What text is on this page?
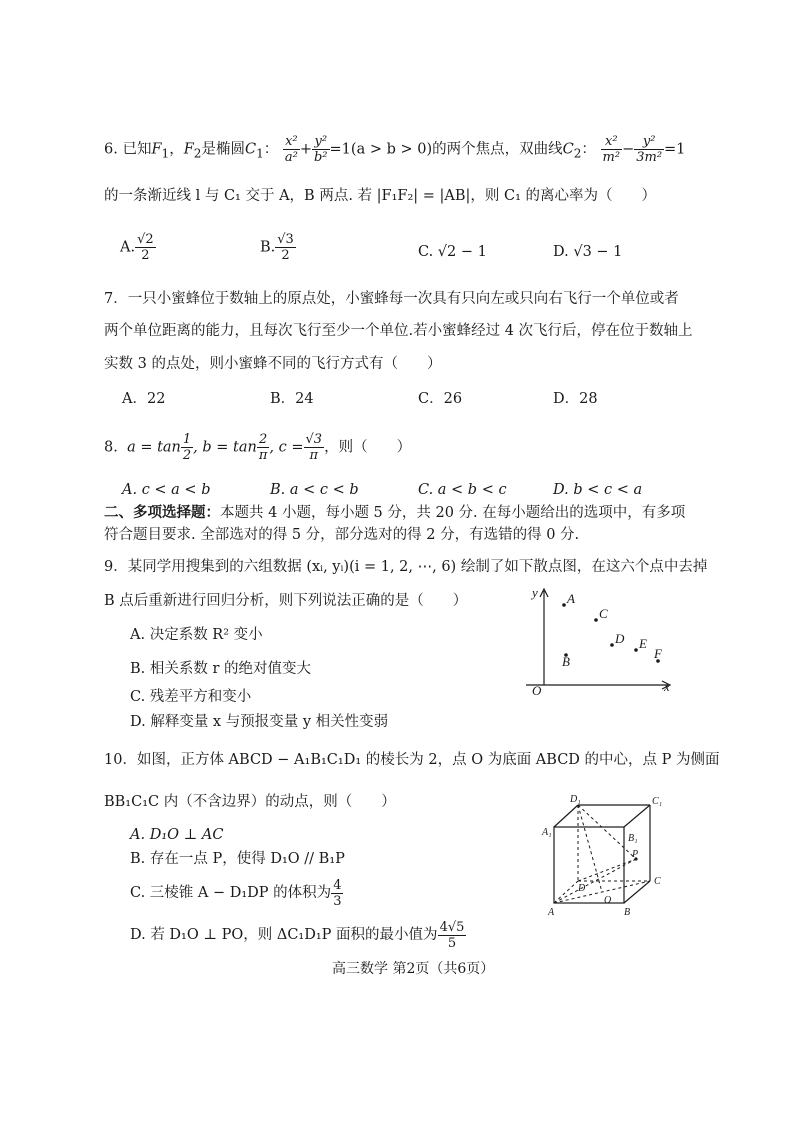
6. 已知$F_1$，$F_2$是椭圆$C_1$： $\frac{\text{x²}}{\text{a²}} + \frac{\text{y²}}{\text{b²}} =1(a > b > 0)$的两个焦点，双曲线$C_2$： $\frac{\text{x²}}{\text{m²}} - \frac{\text{y²}}{\text{3m²}} =1$
的一条渐近线 l 与 C₁ 交于 A，B 两点. 若 |F₁F₂| = |AB|，则 C₁ 的离心率为（　　）
A. $\frac{√2}{2}$	B. $\frac{√3}{2}$	C. √2 − 1	D. √3 − 1
7．一只小蜜蜂位于数轴上的原点处，小蜜蜂每一次具有只向左或只向右飞行一个单位或者
两个单位距离的能力，且每次飞行至少一个单位.若小蜜蜂经过 4 次飞行后，停在位于数轴上
实数 3 的点处，则小蜜蜂不同的飞行方式有（　　）
A．22	B．24	C．26	D．28
8. $a = \tan \frac{1}{2}$ , $b = \tan \frac{2}{\pi}$ , $c = \frac{√3}{\pi}$ ，则（　　）
A. c < a < b	B. a < c < b	C. a < b < c	D. b < c < a
二、多项选择题：本题共 4 小题，每小题 5 分，共 20 分. 在每小题给出的选项中，有多项
符合题目要求. 全部选对的得 5 分，部分选对的得 2 分，有选错的得 0 分.
9．某同学用搜集到的六组数据 (xᵢ, yᵢ)(i = 1, 2, ⋯, 6) 绘制了如下散点图，在这六个点中去掉
B 点后重新进行回归分析，则下列说法正确的是（　　）
A. 决定系数 R² 变小
B. 相关系数 r 的绝对值变大
C. 残差平方和变小
D. 解释变量 x 与预报变量 y 相关性变弱
y
x
O
A
B
C
D E
F
10．如图，正方体 ABCD − A₁B₁C₁D₁ 的棱长为 2，点 O 为底面 ABCD 的中心，点 P 为侧面
BB₁C₁C 内（不含边界）的动点，则（　　）
A. D₁O ⊥ AC
B. 存在一点 P，使得 D₁O // B₁P
C. 三棱锥 A − D₁DP 的体积为 $\frac{4}{3}$
D. 若 D₁O ⊥ PO，则 ΔC₁D₁P 面积的最小值为 $\frac{4√5}{5}$
D₁	C₁
A₁
B₁
P
D
C
O
A	B
高三数学 第2页（共6页）
